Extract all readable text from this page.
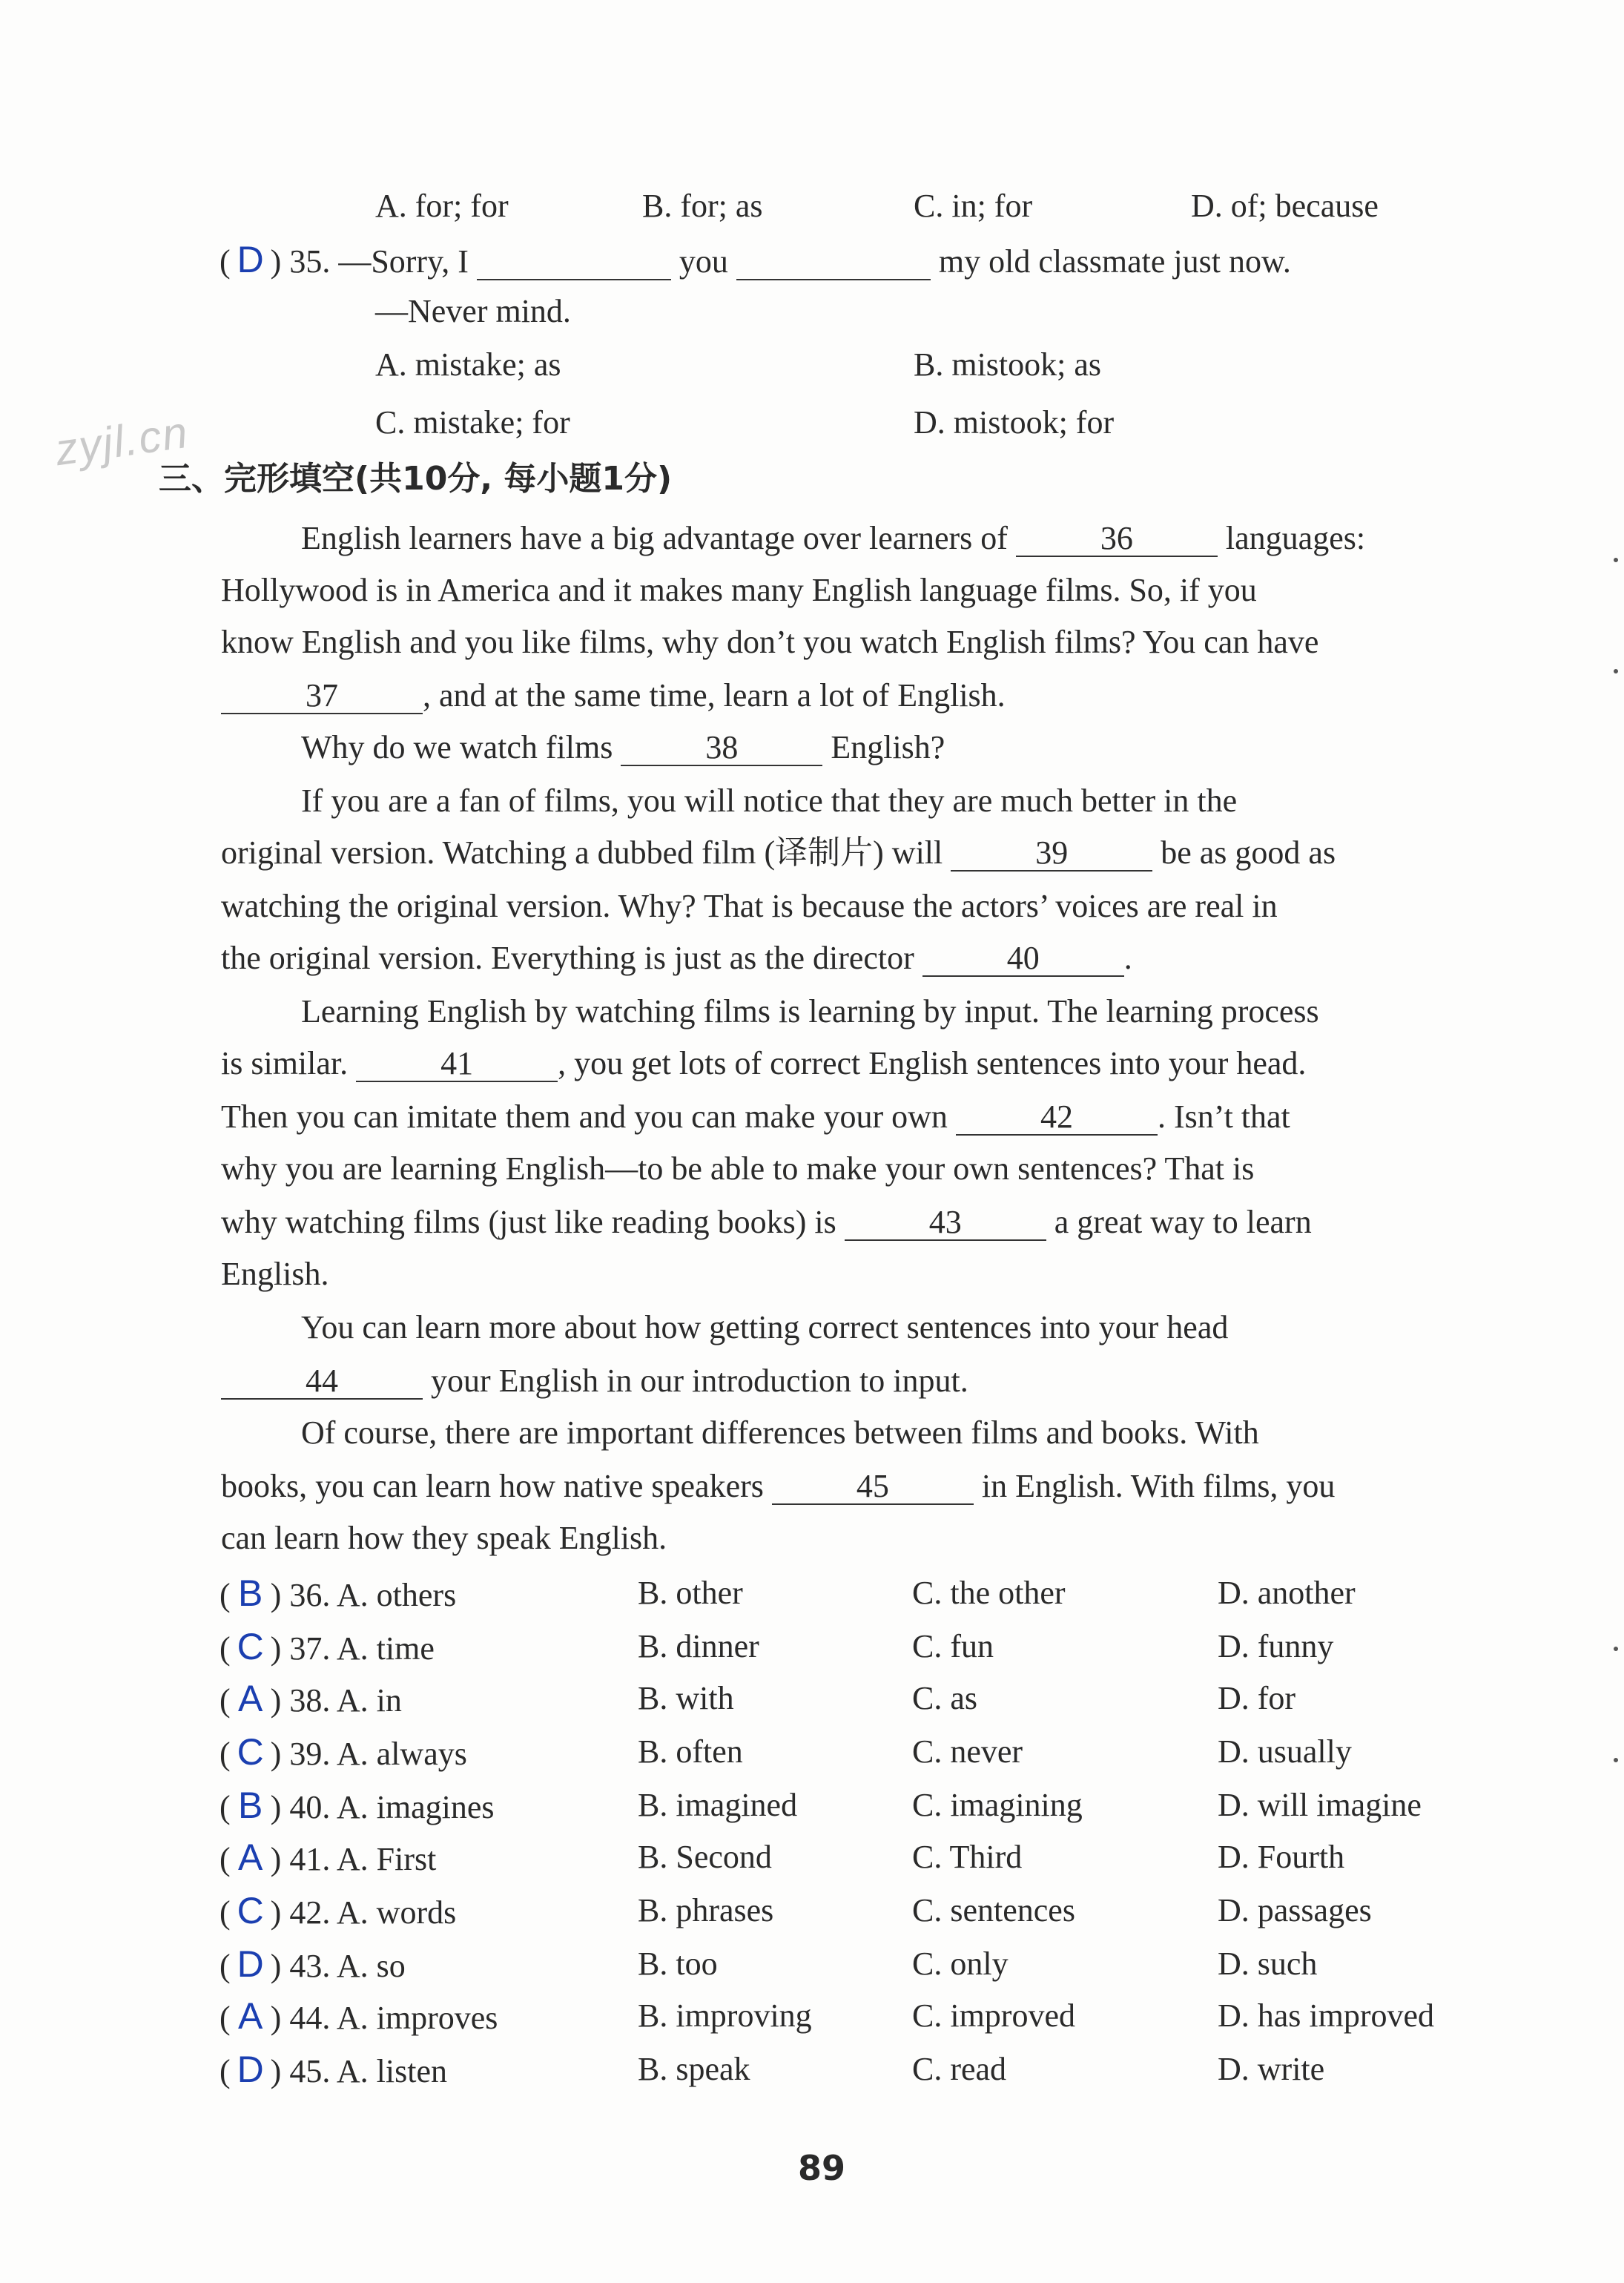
A. for; for	B. for; as	C. in; for	D. of; because
( D ) 35. —Sorry, I	you	my old classmate just now.
—Never mind.
A. mistake; as	B. mistook; as
C. mistake; for	D. mistook; for
zyjl.cn
三、完形填空(共10分, 每小题1分)
English learners have a big advantage over learners of	36	languages:
Hollywood is in America and it makes many English language films. So, if you
know English and you like films, why don’t you watch English films? You can have
37	, and at the same time, learn a lot of English.
Why do we watch films	38	English?
If you are a fan of films, you will notice that they are much better in the
original version. Watching a dubbed film (译制片) will	39	be as good as
watching the original version. Why? That is because the actors’ voices are real in
the original version. Everything is just as the director	40	.
Learning English by watching films is learning by input. The learning process
is similar.	41	, you get lots of correct English sentences into your head.
Then you can imitate them and you can make your own	42	. Isn’t that
why you are learning English—to be able to make your own sentences? That is
why watching films (just like reading books) is	43	a great way to learn
English.
You can learn more about how getting correct sentences into your head
44	your English in our introduction to input.
Of course, there are important differences between films and books. With
books, you can learn how native speakers	45	in English. With films, you
can learn how they speak English.
( B ) 36. A. others	B. other	C. the other	D. another
( C ) 37. A. time	B. dinner	C. fun	D. funny
( A ) 38. A. in	B. with	C. as	D. for
( C ) 39. A. always	B. often	C. never	D. usually
( B ) 40. A. imagines	B. imagined	C. imagining	D. will imagine
( A ) 41. A. First	B. Second	C. Third	D. Fourth
( C ) 42. A. words	B. phrases	C. sentences	D. passages
( D ) 43. A. so	B. too	C. only	D. such
( A ) 44. A. improves	B. improving	C. improved	D. has improved
( D ) 45. A. listen	B. speak	C. read	D. write
89
